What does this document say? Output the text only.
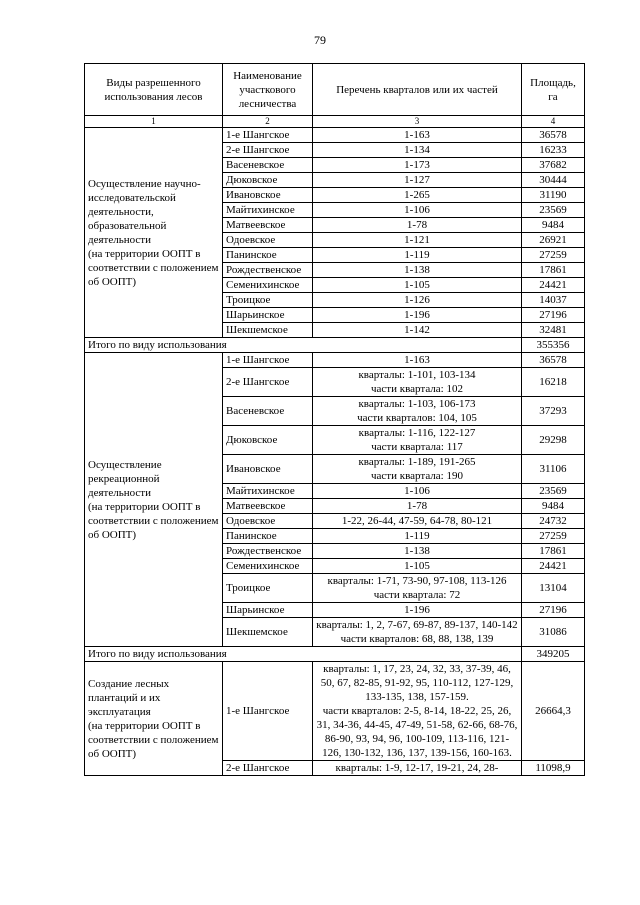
79
Виды разрешенного использования лесов	Наименование участкового лесничества	Перечень кварталов или их частей	Площадь, га
1	2	3	4
Осуществление научно-исследовательской деятельности, образовательной деятельности
(на территории ООПТ в соответствии с положением об ООПТ)	1-е Шангское	1-163	36578
	2-е Шангское	1-134	16233
	Васеневское	1-173	37682
	Дюковское	1-127	30444
	Ивановское	1-265	31190
	Майтихинское	1-106	23569
	Матвеевское	1-78	9484
	Одоевское	1-121	26921
	Панинское	1-119	27259
	Рождественское	1-138	17861
	Семенихинское	1-105	24421
	Троицкое	1-126	14037
	Шарьинское	1-196	27196
	Шекшемское	1-142	32481
Итого по виду использования			355356
Осуществление рекреационной деятельности
(на территории ООПТ в соответствии с положением об ООПТ)	1-е Шангское	1-163	36578
	2-е Шангское	кварталы: 1-101, 103-134
части квартала: 102	16218
	Васеневское	кварталы: 1-103, 106-173
части кварталов: 104, 105	37293
	Дюковское	кварталы: 1-116, 122-127
части квартала: 117	29298
	Ивановское	кварталы: 1-189, 191-265
части квартала: 190	31106
	Майтихинское	1-106	23569
	Матвеевское	1-78	9484
	Одоевское	1-22, 26-44, 47-59, 64-78, 80-121	24732
	Панинское	1-119	27259
	Рождественское	1-138	17861
	Семенихинское	1-105	24421
	Троицкое	кварталы: 1-71, 73-90, 97-108, 113-126
части квартала: 72	13104
	Шарьинское	1-196	27196
	Шекшемское	кварталы: 1, 2, 7-67, 69-87, 89-137, 140-142
части кварталов: 68, 88, 138, 139	31086
Итого по виду использования			349205
Создание лесных плантаций и их эксплуатация
(на территории ООПТ в соответствии с положением об ООПТ)	1-е Шангское	кварталы: 1, 17, 23, 24, 32, 33, 37-39, 46, 50, 67, 82-85, 91-92, 95, 110-112, 127-129, 133-135, 138, 157-159.
части кварталов: 2-5, 8-14, 18-22, 25, 26, 31, 34-36, 44-45, 47-49, 51-58, 62-66, 68-76, 86-90, 93, 94, 96, 100-109, 113-116, 121-126, 130-132, 136, 137, 139-156, 160-163.	26664,3
	2-е Шангское	кварталы: 1-9, 12-17, 19-21, 24, 28-	11098,9
